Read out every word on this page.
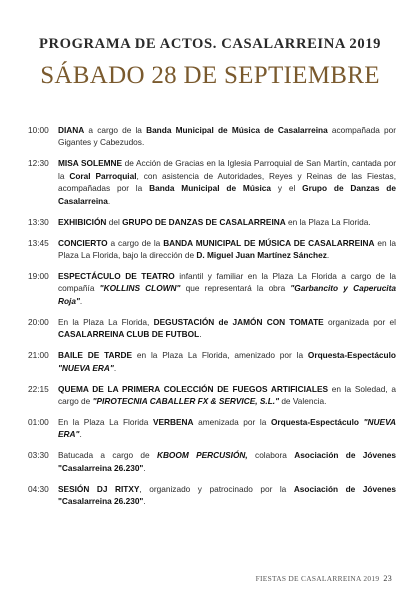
PROGRAMA DE ACTOS. CASALARREINA 2019
SÁBADO 28 DE SEPTIEMBRE
10:00 DIANA a cargo de la Banda Municipal de Música de Casalarreina acompañada por Gigantes y Cabezudos.
12:30 MISA SOLEMNE de Acción de Gracias en la Iglesia Parroquial de San Martín, cantada por la Coral Parroquial, con asistencia de Autoridades, Reyes y Reinas de las Fiestas, acompañadas por la Banda Municipal de Música y el Grupo de Danzas de Casalarreina.
13:30 EXHIBICIÓN del GRUPO DE DANZAS DE CASALARREINA en la Plaza La Florida.
13:45 CONCIERTO a cargo de la BANDA MUNICIPAL DE MÚSICA DE CASALARREINA en la Plaza La Florida, bajo la dirección de D. Miguel Juan Martínez Sánchez.
19:00 ESPECTÁCULO DE TEATRO infantil y familiar en la Plaza La Florida a cargo de la compañía "KOLLINS CLOWN" que representará la obra "Garbancito y Caperucita Roja".
20:00 En la Plaza La Florida, DEGUSTACIÓN de JAMÓN CON TOMATE organizada por el CASALARREINA CLUB DE FUTBOL.
21:00 BAILE DE TARDE en la Plaza La Florida, amenizado por la Orquesta-Espectáculo "NUEVA ERA".
22:15 QUEMA DE LA PRIMERA COLECCIÓN DE FUEGOS ARTIFICIALES en la Soledad, a cargo de "PIROTECNIA CABALLER FX & SERVICE, S.L." de Valencia.
01:00 En la Plaza La Florida VERBENA amenizada por la Orquesta-Espectáculo "NUEVA ERA".
03:30 Batucada a cargo de KBOOM PERCUSIÓN, colabora Asociación de Jóvenes "Casalarreina 26.230".
04:30 SESIÓN DJ RITXY, organizado y patrocinado por la Asociación de Jóvenes "Casalarreina 26.230".
FIESTAS DE CASALARREINA 2019 23
